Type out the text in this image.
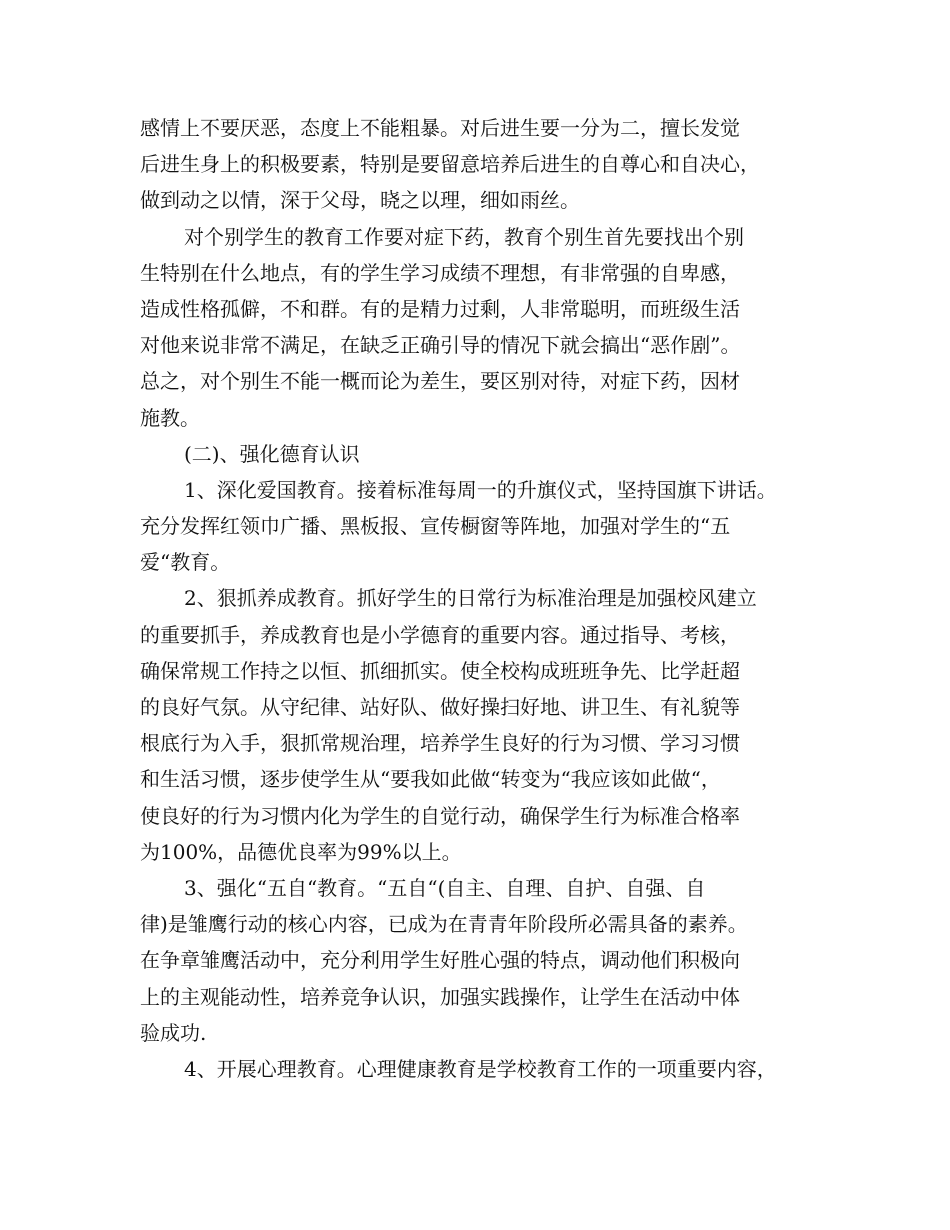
感情上不要厌恶，态度上不能粗暴。对后进生要一分为二，擅长发觉
后进生身上的积极要素，特别是要留意培养后进生的自尊心和自决心，
做到动之以情，深于父母，晓之以理，细如雨丝。
对个别学生的教育工作要对症下药，教育个别生首先要找出个别
生特别在什么地点，有的学生学习成绩不理想，有非常强的自卑感，
造成性格孤僻，不和群。有的是精力过剩，人非常聪明，而班级生活
对他来说非常不满足，在缺乏正确引导的情况下就会搞出“恶作剧”。
总之，对个别生不能一概而论为差生，要区别对待，对症下药，因材
施教。
(二)、强化德育认识
1、深化爱国教育。接着标准每周一的升旗仪式，坚持国旗下讲话。
充分发挥红领巾广播、黑板报、宣传橱窗等阵地，加强对学生的“五
爱“教育。
2、狠抓养成教育。抓好学生的日常行为标准治理是加强校风建立
的重要抓手，养成教育也是小学德育的重要内容。通过指导、考核，
确保常规工作持之以恒、抓细抓实。使全校构成班班争先、比学赶超
的良好气氛。从守纪律、站好队、做好操扫好地、讲卫生、有礼貌等
根底行为入手，狠抓常规治理，培养学生良好的行为习惯、学习习惯
和生活习惯，逐步使学生从“要我如此做“转变为“我应该如此做“，
使良好的行为习惯内化为学生的自觉行动，确保学生行为标准合格率
为100%，品德优良率为99%以上。
3、强化“五自“教育。“五自“(自主、自理、自护、自强、自
律)是雏鹰行动的核心内容，已成为在青青年阶段所必需具备的素养。
在争章雏鹰活动中，充分利用学生好胜心强的特点，调动他们积极向
上的主观能动性，培养竞争认识，加强实践操作，让学生在活动中体
验成功.
4、开展心理教育。心理健康教育是学校教育工作的一项重要内容，
